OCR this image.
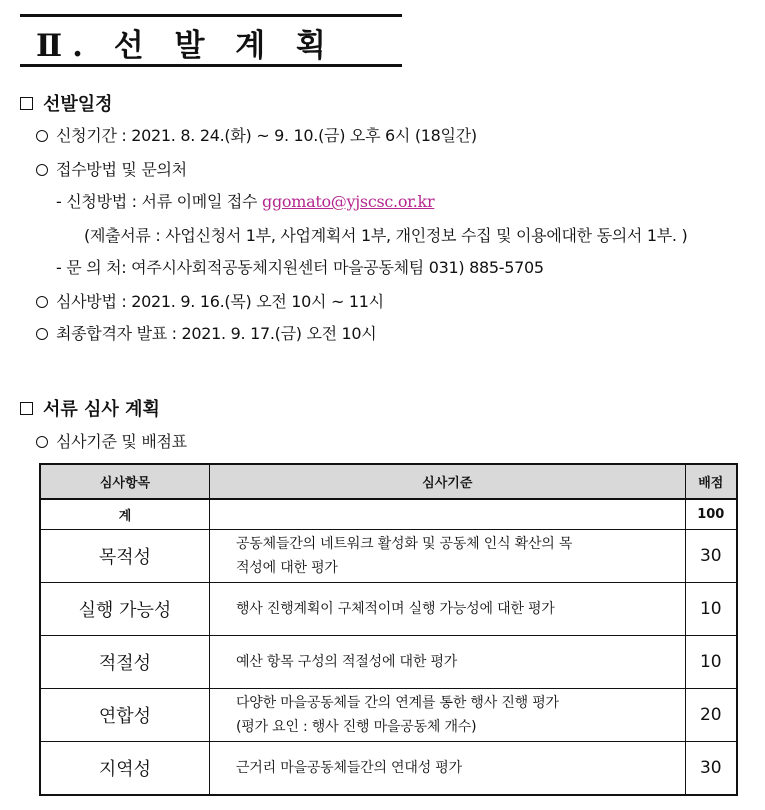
Ⅱ. 선 발 계 획
선발일정
신청기간 : 2021. 8. 24.(화) ~ 9. 10.(금) 오후 6시 (18일간)
접수방법 및 문의처
- 신청방법 : 서류 이메일 접수 ggomato@yjscsc.or.kr
(제출서류 : 사업신청서 1부, 사업계획서 1부, 개인정보 수집 및 이용에대한 동의서 1부. )
- 문 의 처: 여주시사회적공동체지원센터 마을공동체팀 031) 885-5705
심사방법 : 2021. 9. 16.(목) 오전 10시 ~ 11시
최종합격자 발표 : 2021. 9. 17.(금) 오전 10시
서류 심사 계획
심사기준 및 배점표
심사항목	심사기준	배점
계		100
목적성	공동체들간의 네트워크 활성화 및 공동체 인식 확산의 목
적성에 대한 평가	30
실행 가능성	행사 진행계획이 구체적이며 실행 가능성에 대한 평가	10
적절성	예산 항목 구성의 적절성에 대한 평가	10
연합성	다양한 마을공동체들 간의 연계를 통한 행사 진행 평가
(평가 요인 : 행사 진행 마을공동체 개수)	20
지역성	근거리 마을공동체들간의 연대성 평가	30
